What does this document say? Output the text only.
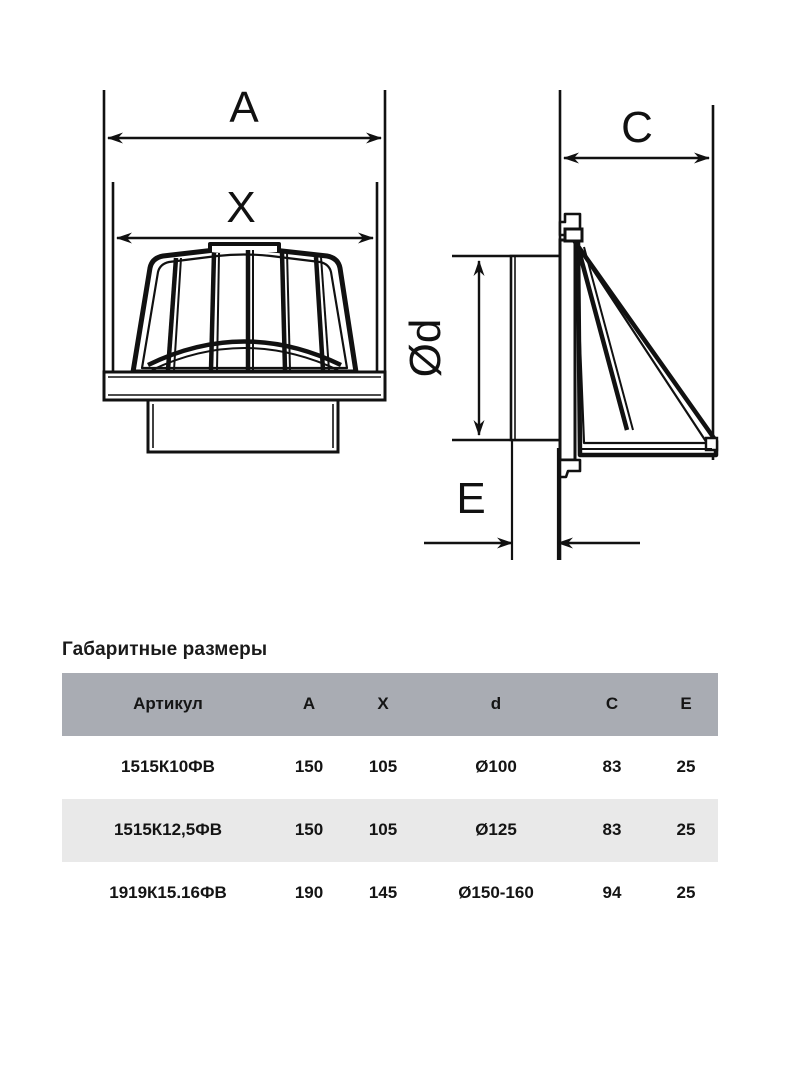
A
X
C
Ød
E
Габаритные размеры
Артикул	A	X	d	C	E
1515К10ФВ	150	105	Ø100	83	25
1515К12,5ФВ	150	105	Ø125	83	25
1919К15.16ФВ	190	145	Ø150-160	94	25
